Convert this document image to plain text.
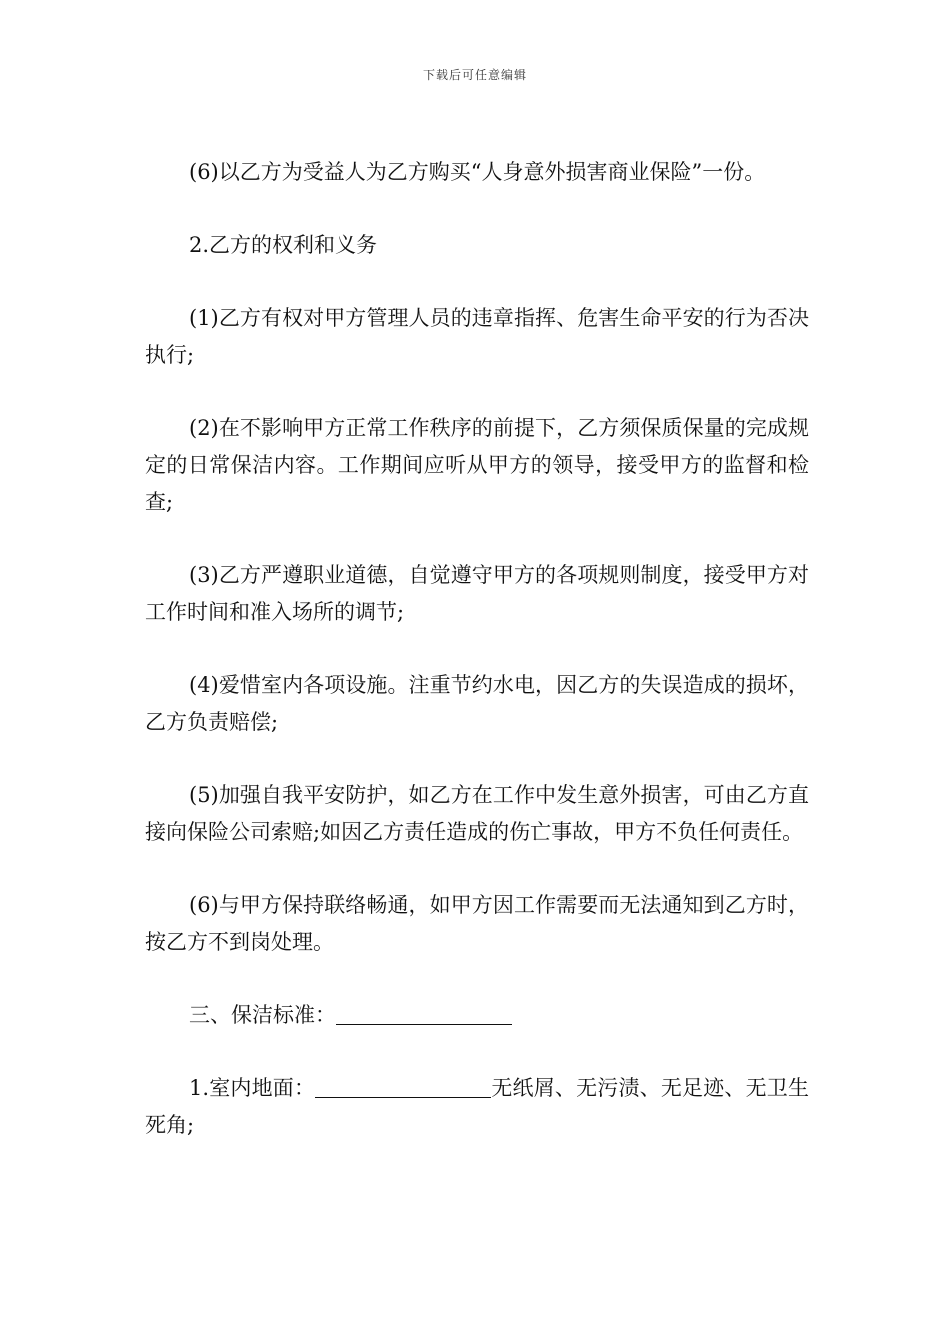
下载后可任意编辑

(6)以乙方为受益人为乙方购买“人身意外损害商业保险”一份。

2.乙方的权利和义务

(1)乙方有权对甲方管理人员的违章指挥、危害生命平安的行为否决执行;

(2)在不影响甲方正常工作秩序的前提下，乙方须保质保量的完成规定的日常保洁内容。工作期间应听从甲方的领导，接受甲方的监督和检查;

(3)乙方严遵职业道德，自觉遵守甲方的各项规则制度，接受甲方对工作时间和准入场所的调节;

(4)爱惜室内各项设施。注重节约水电，因乙方的失误造成的损坏，乙方负责赔偿;

(5)加强自我平安防护，如乙方在工作中发生意外损害，可由乙方直接向保险公司索赔;如因乙方责任造成的伤亡事故，甲方不负任何责任。

(6)与甲方保持联络畅通，如甲方因工作需要而无法通知到乙方时，按乙方不到岗处理。

三、保洁标准：

1.室内地面：	无纸屑、无污渍、无足迹、无卫生死角;
